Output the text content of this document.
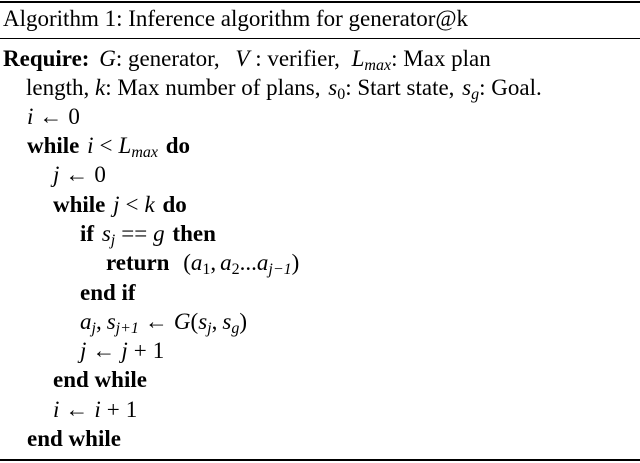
Algorithm 1: Inference algorithm for generator@k
Require: G: generator, V : verifier, $L_{max}$: Max plan
length, k: Max number of plans, $s_0$: Start state, $s_g$: Goal.
i ← 0
while $i < L_{max}$ do
j ← 0
while j < k do
if $s_j == g$ then
return ($a_1$, $a_2...a_{j-1}$)
end if
$a_j$, $s_{j+1}$ ← $G(s_j$, $s_g$)
j ← j + 1
end while
i ← i + 1
end while
